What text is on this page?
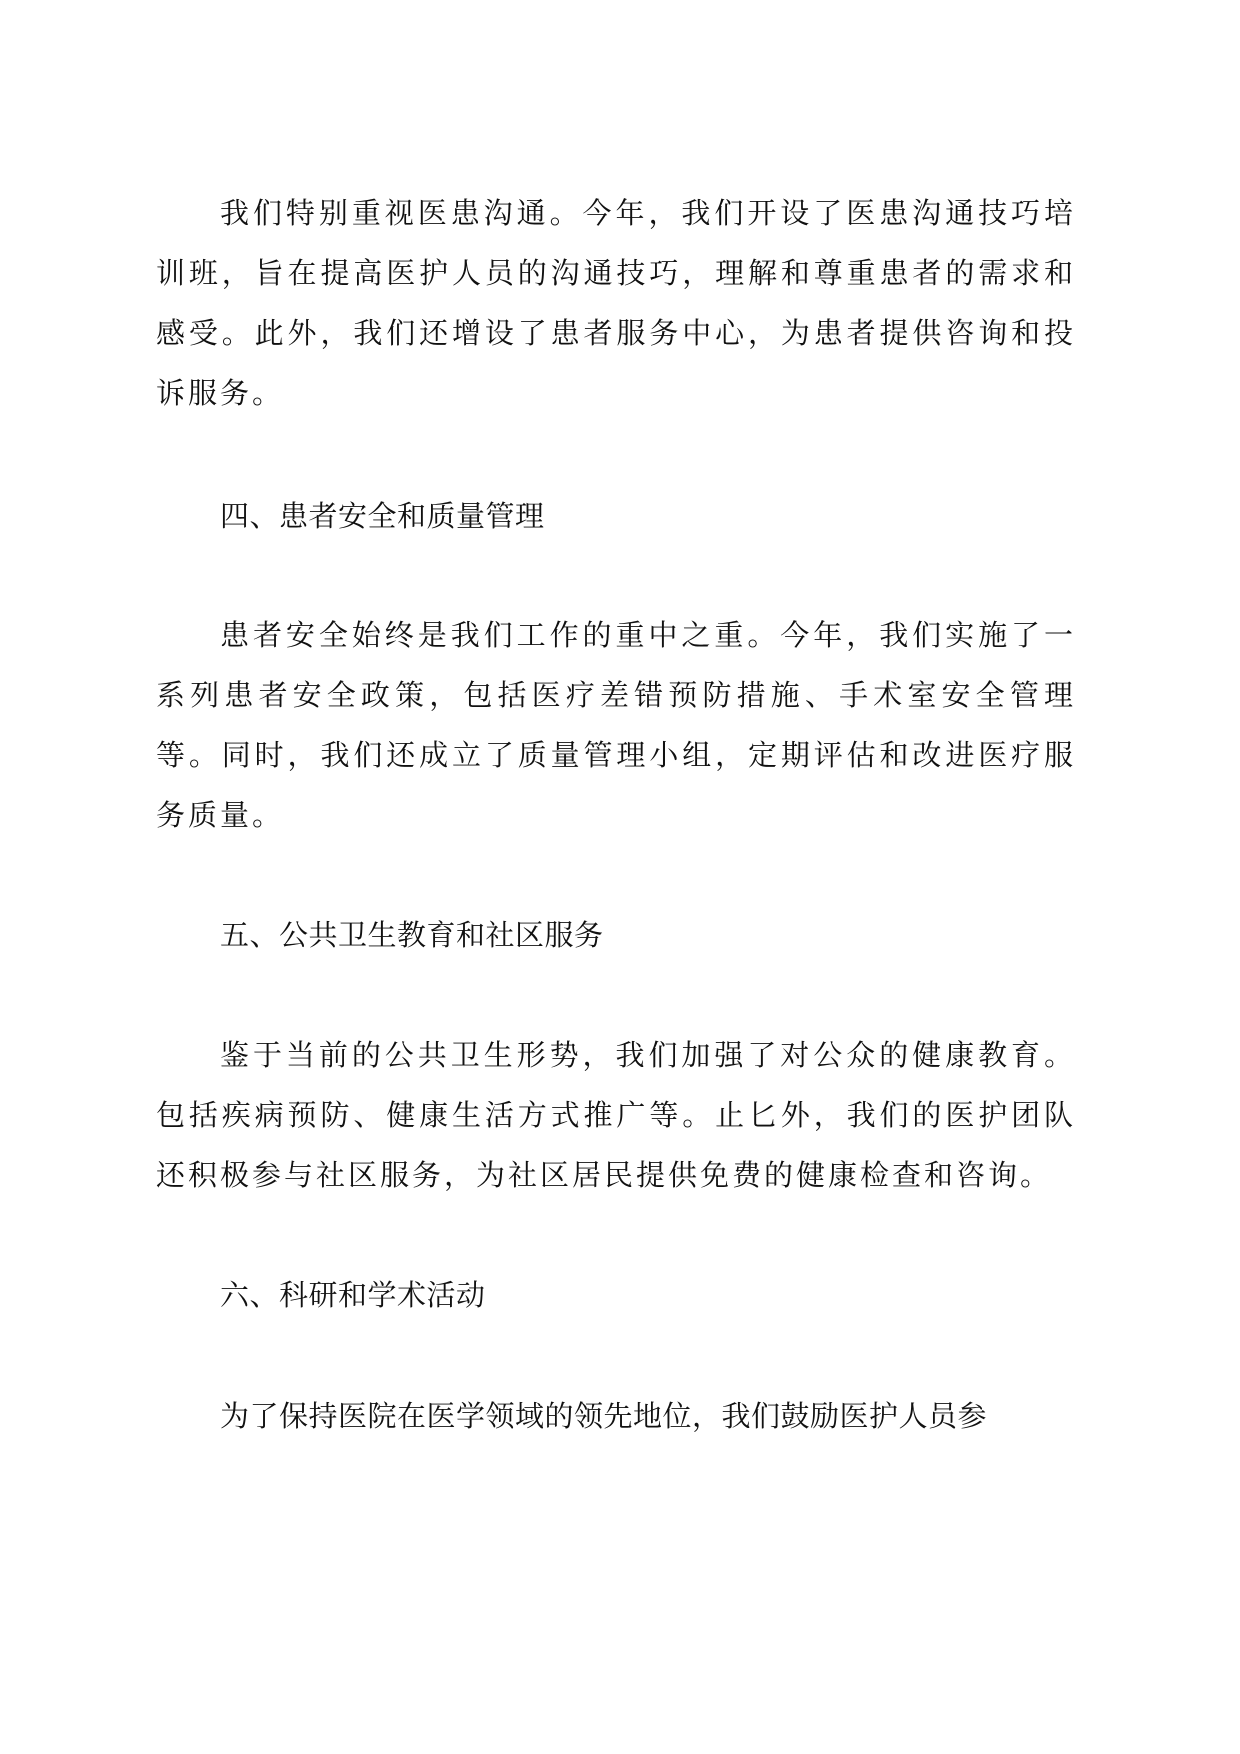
我们特别重视医患沟通。今年，我们开设了医患沟通技巧培训班，旨在提高医护人员的沟通技巧，理解和尊重患者的需求和感受。此外，我们还增设了患者服务中心，为患者提供咨询和投诉服务。

四、患者安全和质量管理

患者安全始终是我们工作的重中之重。今年，我们实施了一系列患者安全政策，包括医疗差错预防措施、手术室安全管理等。同时，我们还成立了质量管理小组，定期评估和改进医疗服务质量。

五、公共卫生教育和社区服务

鉴于当前的公共卫生形势，我们加强了对公众的健康教育。包括疾病预防、健康生活方式推广等。止匕外，我们的医护团队还积极参与社区服务，为社区居民提供免费的健康检查和咨询。

六、科研和学术活动

为了保持医院在医学领域的领先地位，我们鼓励医护人员参
